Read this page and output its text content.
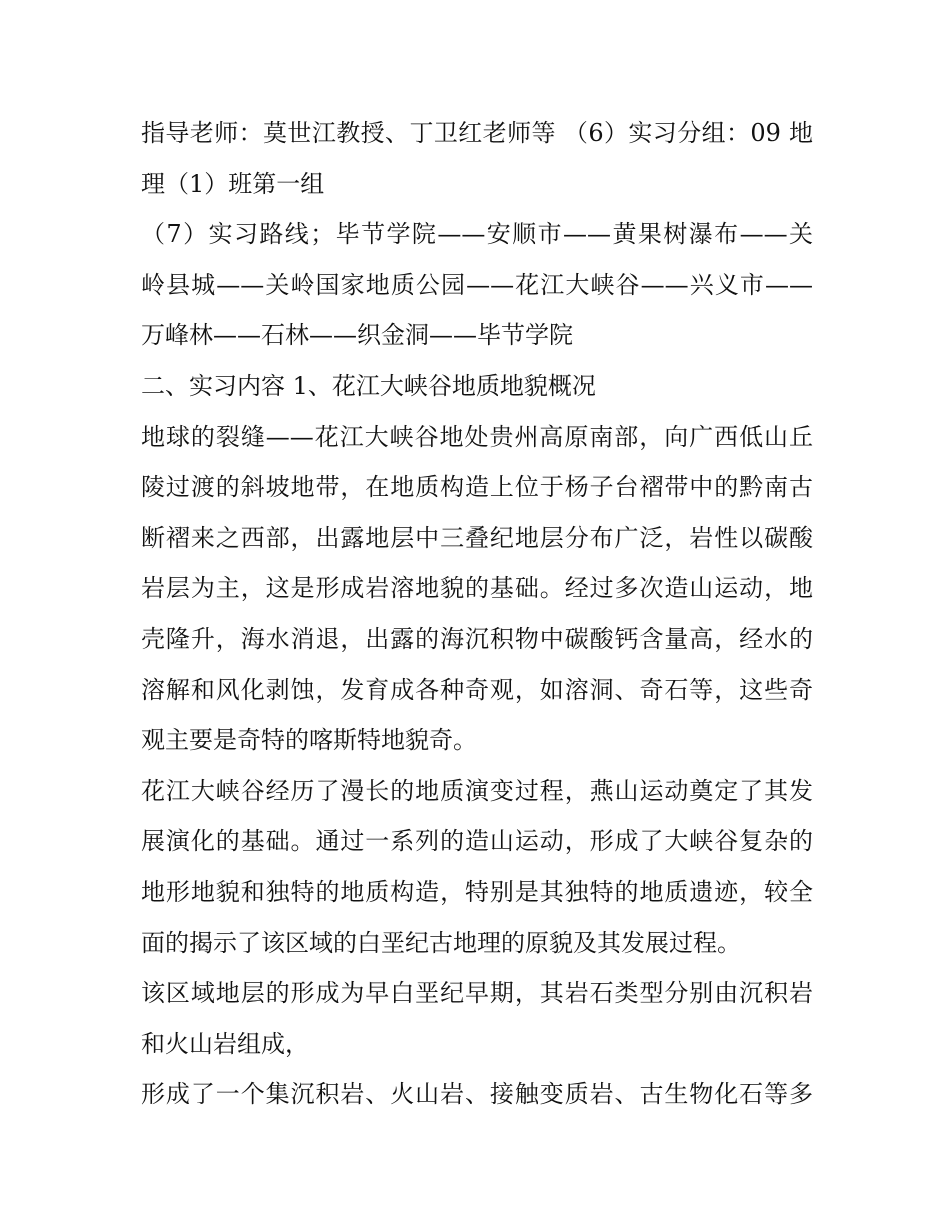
指导老师：莫世江教授、丁卫红老师等 （6）实习分组：09 地
理（1）班第一组
（7）实习路线；毕节学院——安顺市——黄果树瀑布——关
岭县城——关岭国家地质公园——花江大峡谷——兴义市——
万峰林——石林——织金洞——毕节学院
二、实习内容 1、花江大峡谷地质地貌概况
地球的裂缝——花江大峡谷地处贵州高原南部，向广西低山丘
陵过渡的斜坡地带，在地质构造上位于杨子台褶带中的黔南古
断褶来之西部，出露地层中三叠纪地层分布广泛，岩性以碳酸
岩层为主，这是形成岩溶地貌的基础。经过多次造山运动，地
壳隆升，海水消退，出露的海沉积物中碳酸钙含量高，经水的
溶解和风化剥蚀，发育成各种奇观，如溶洞、奇石等，这些奇
观主要是奇特的喀斯特地貌奇。
花江大峡谷经历了漫长的地质演变过程，燕山运动奠定了其发
展演化的基础。通过一系列的造山运动，形成了大峡谷复杂的
地形地貌和独特的地质构造，特别是其独特的地质遗迹，较全
面的揭示了该区域的白垩纪古地理的原貌及其发展过程。
该区域地层的形成为早白垩纪早期，其岩石类型分别由沉积岩
和火山岩组成，
形成了一个集沉积岩、火山岩、接触变质岩、古生物化石等多
